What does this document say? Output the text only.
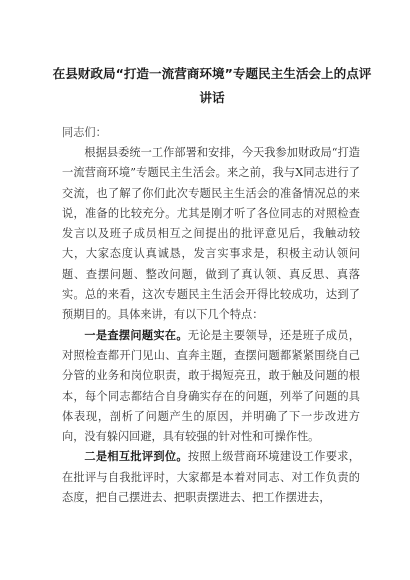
在县财政局“打造一流营商环境”专题民主生活会上的点评讲话
同志们：

根据县委统一工作部署和安排，今天我参加财政局“打造一流营商环境”专题民主生活会。来之前，我与X同志进行了交流，也了解了你们此次专题民主生活会的准备情况总的来说，准备的比较充分。尤其是刚才听了各位同志的对照检查发言以及班子成员相互之间提出的批评意见后，我触动较大，大家态度认真诚恳，发言实事求是，积极主动认领问题、查摆问题、整改问题，做到了真认领、真反思、真落实。总的来看，这次专题民主生活会开得比较成功，达到了预期目的。具体来讲，有以下几个特点：

一是查摆问题实在。无论是主要领导，还是班子成员，对照检查都开门见山、直奔主题，查摆问题都紧紧围绕自己分管的业务和岗位职责，敢于揭短亮丑，敢于触及问题的根本，每个同志都结合自身确实存在的问题，列举了问题的具体表现，剖析了问题产生的原因，并明确了下一步改进方向，没有躲闪回避，具有较强的针对性和可操作性。

二是相互批评到位。按照上级营商环境建设工作要求，在批评与自我批评时，大家都是本着对同志、对工作负责的态度，把自己摆进去、把职责摆进去、把工作摆进去，
